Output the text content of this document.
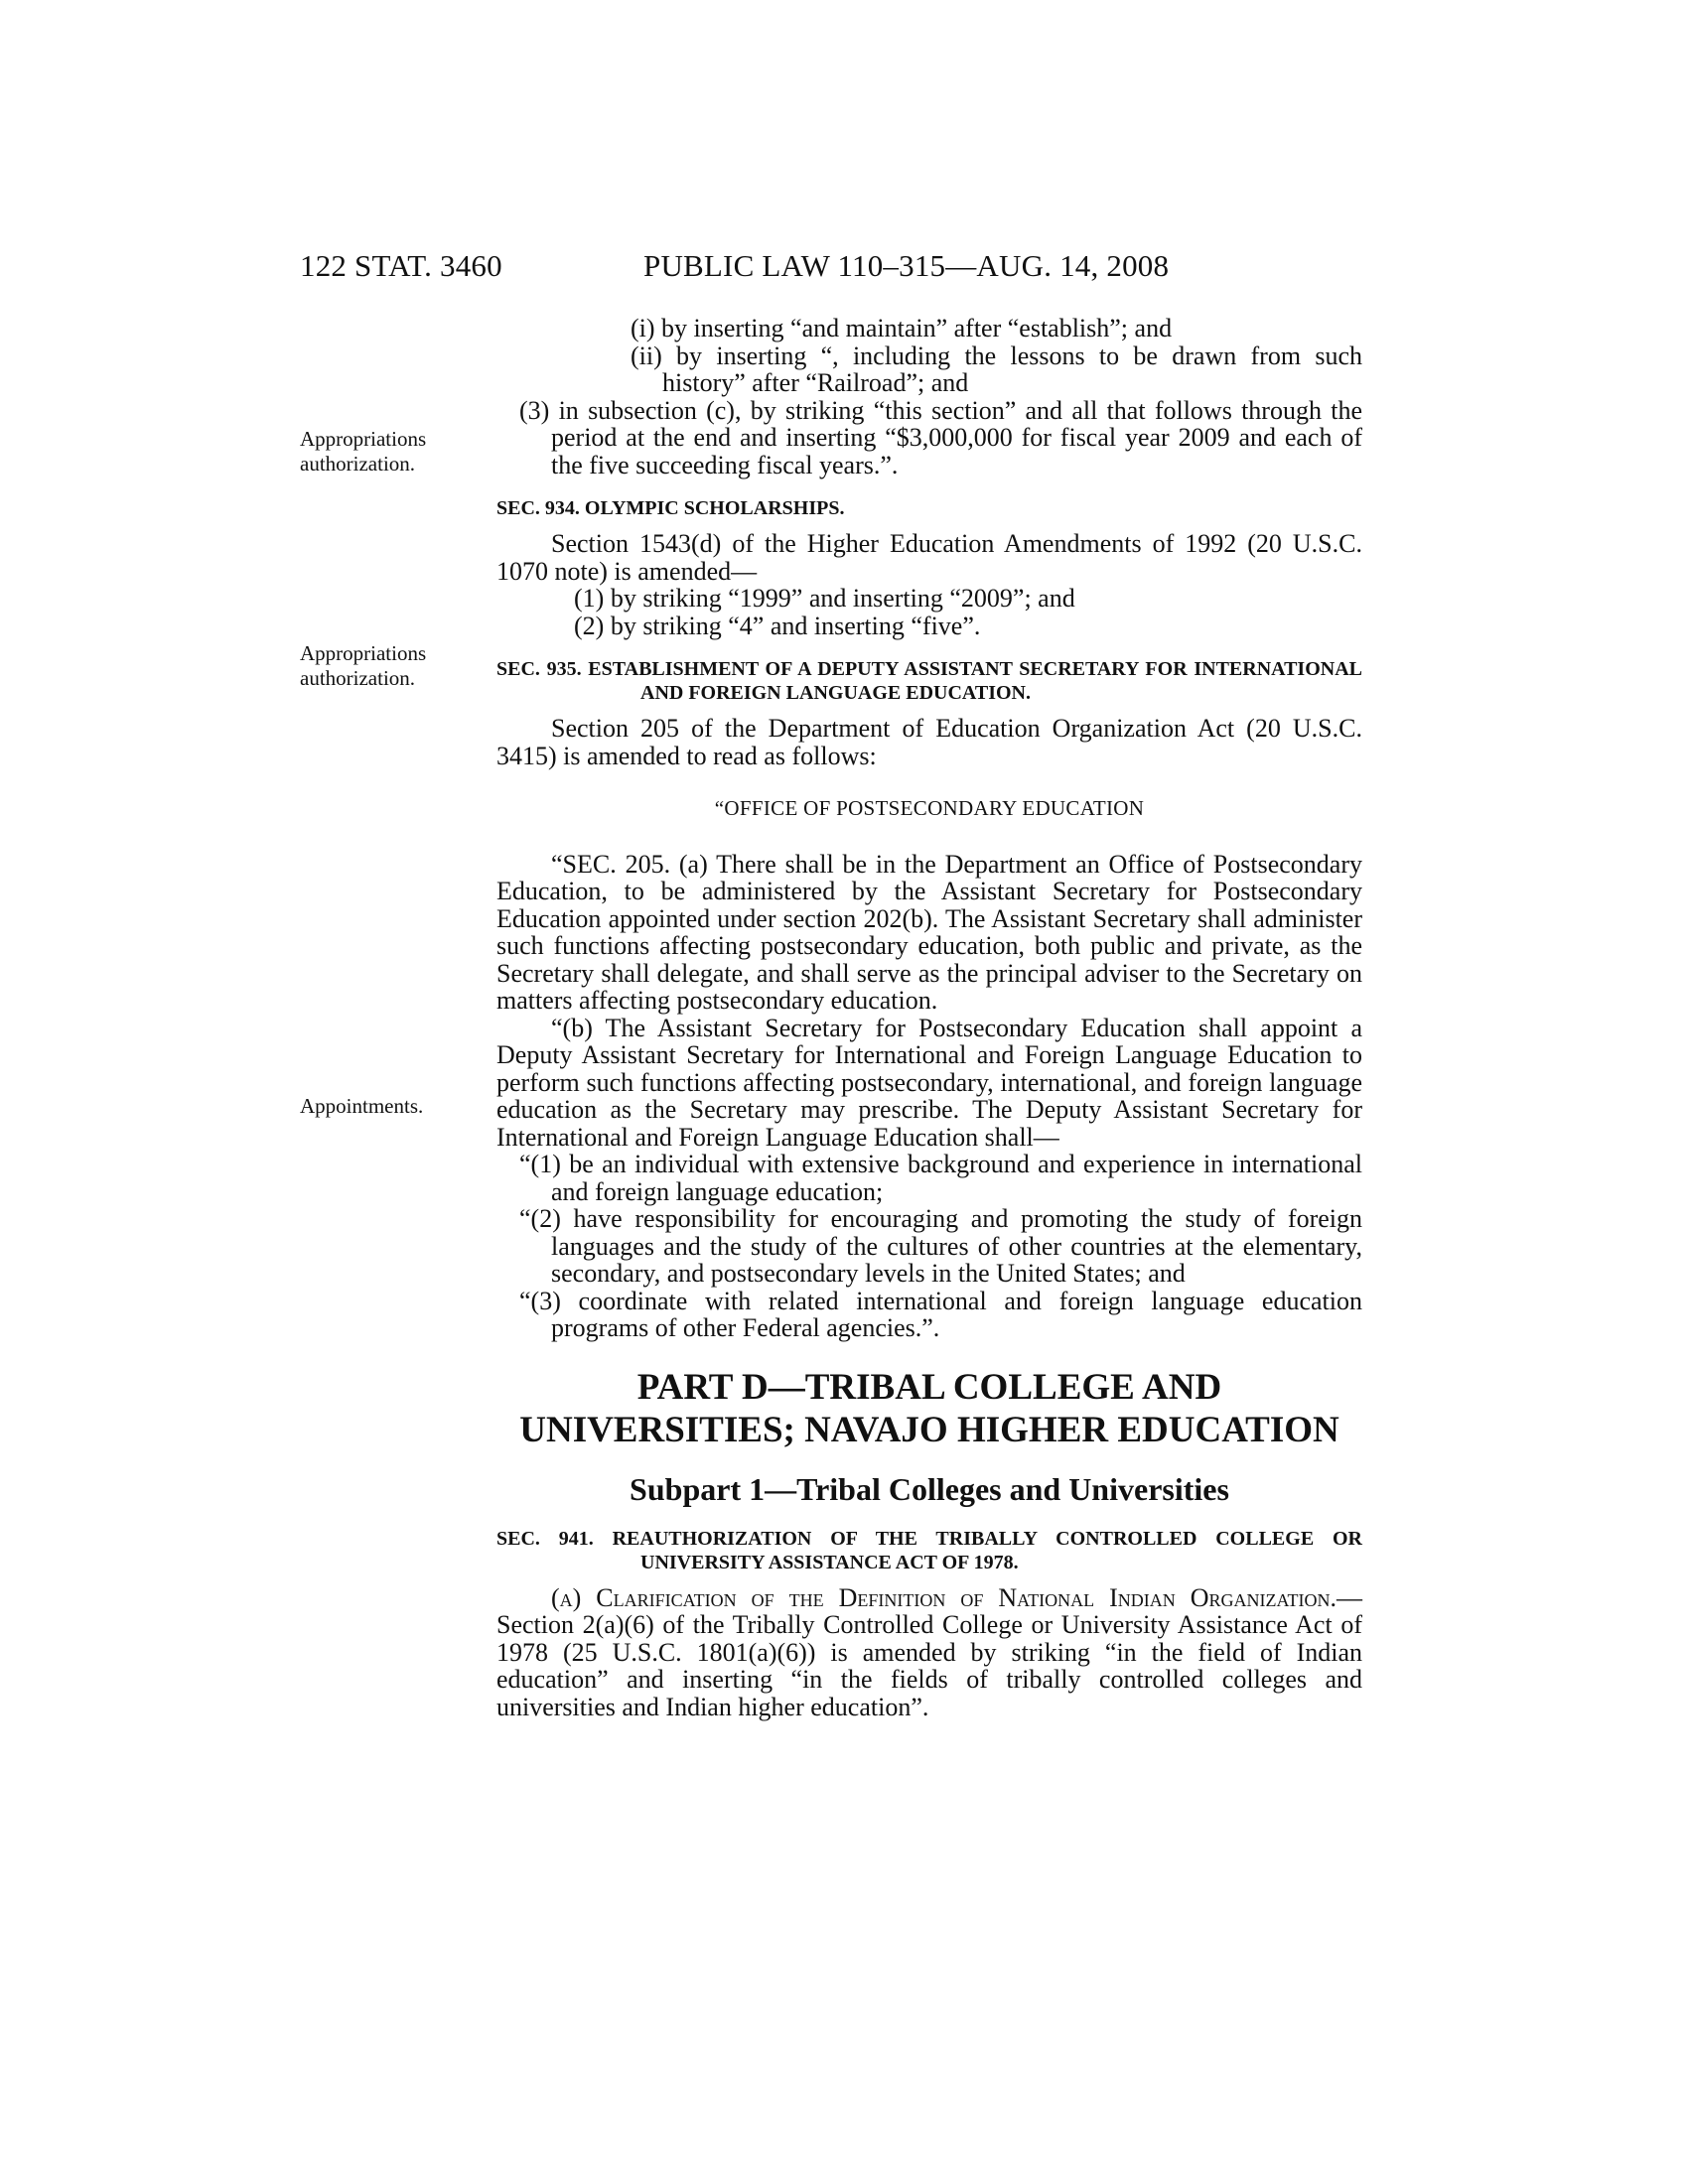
122 STAT. 3460	PUBLIC LAW 110–315—AUG. 14, 2008
Appropriations authorization.
Appropriations authorization.
Appointments.

(i) by inserting “and maintain” after “establish”; and

(ii) by inserting “, including the lessons to be drawn from such history” after “Railroad”; and

(3) in subsection (c), by striking “this section” and all that follows through the period at the end and inserting “$3,000,000 for fiscal year 2009 and each of the five succeeding fiscal years.”.

SEC. 934. OLYMPIC SCHOLARSHIPS.

Section 1543(d) of the Higher Education Amendments of 1992 (20 U.S.C. 1070 note) is amended—

(1) by striking “1999” and inserting “2009”; and

(2) by striking “4” and inserting “five”.

SEC. 935. ESTABLISHMENT OF A DEPUTY ASSISTANT SECRETARY FOR INTERNATIONAL AND FOREIGN LANGUAGE EDUCATION.

Section 205 of the Department of Education Organization Act (20 U.S.C. 3415) is amended to read as follows:

“OFFICE OF POSTSECONDARY EDUCATION

“SEC. 205. (a) There shall be in the Department an Office of Postsecondary Education, to be administered by the Assistant Secretary for Postsecondary Education appointed under section 202(b). The Assistant Secretary shall administer such functions affecting postsecondary education, both public and private, as the Secretary shall delegate, and shall serve as the principal adviser to the Secretary on matters affecting postsecondary education.

“(b) The Assistant Secretary for Postsecondary Education shall appoint a Deputy Assistant Secretary for International and Foreign Language Education to perform such functions affecting postsecondary, international, and foreign language education as the Secretary may prescribe. The Deputy Assistant Secretary for International and Foreign Language Education shall—

“(1) be an individual with extensive background and experience in international and foreign language education;

“(2) have responsibility for encouraging and promoting the study of foreign languages and the study of the cultures of other countries at the elementary, secondary, and postsecondary levels in the United States; and

“(3) coordinate with related international and foreign language education programs of other Federal agencies.”.

PART D—TRIBAL COLLEGE AND UNIVERSITIES; NAVAJO HIGHER EDUCATION

Subpart 1—Tribal Colleges and Universities

SEC. 941. REAUTHORIZATION OF THE TRIBALLY CONTROLLED COLLEGE OR UNIVERSITY ASSISTANCE ACT OF 1978.

(a) Clarification of the Definition of National Indian Organization.—Section 2(a)(6) of the Tribally Controlled College or University Assistance Act of 1978 (25 U.S.C. 1801(a)(6)) is amended by striking “in the field of Indian education” and inserting “in the fields of tribally controlled colleges and universities and Indian higher education”.
